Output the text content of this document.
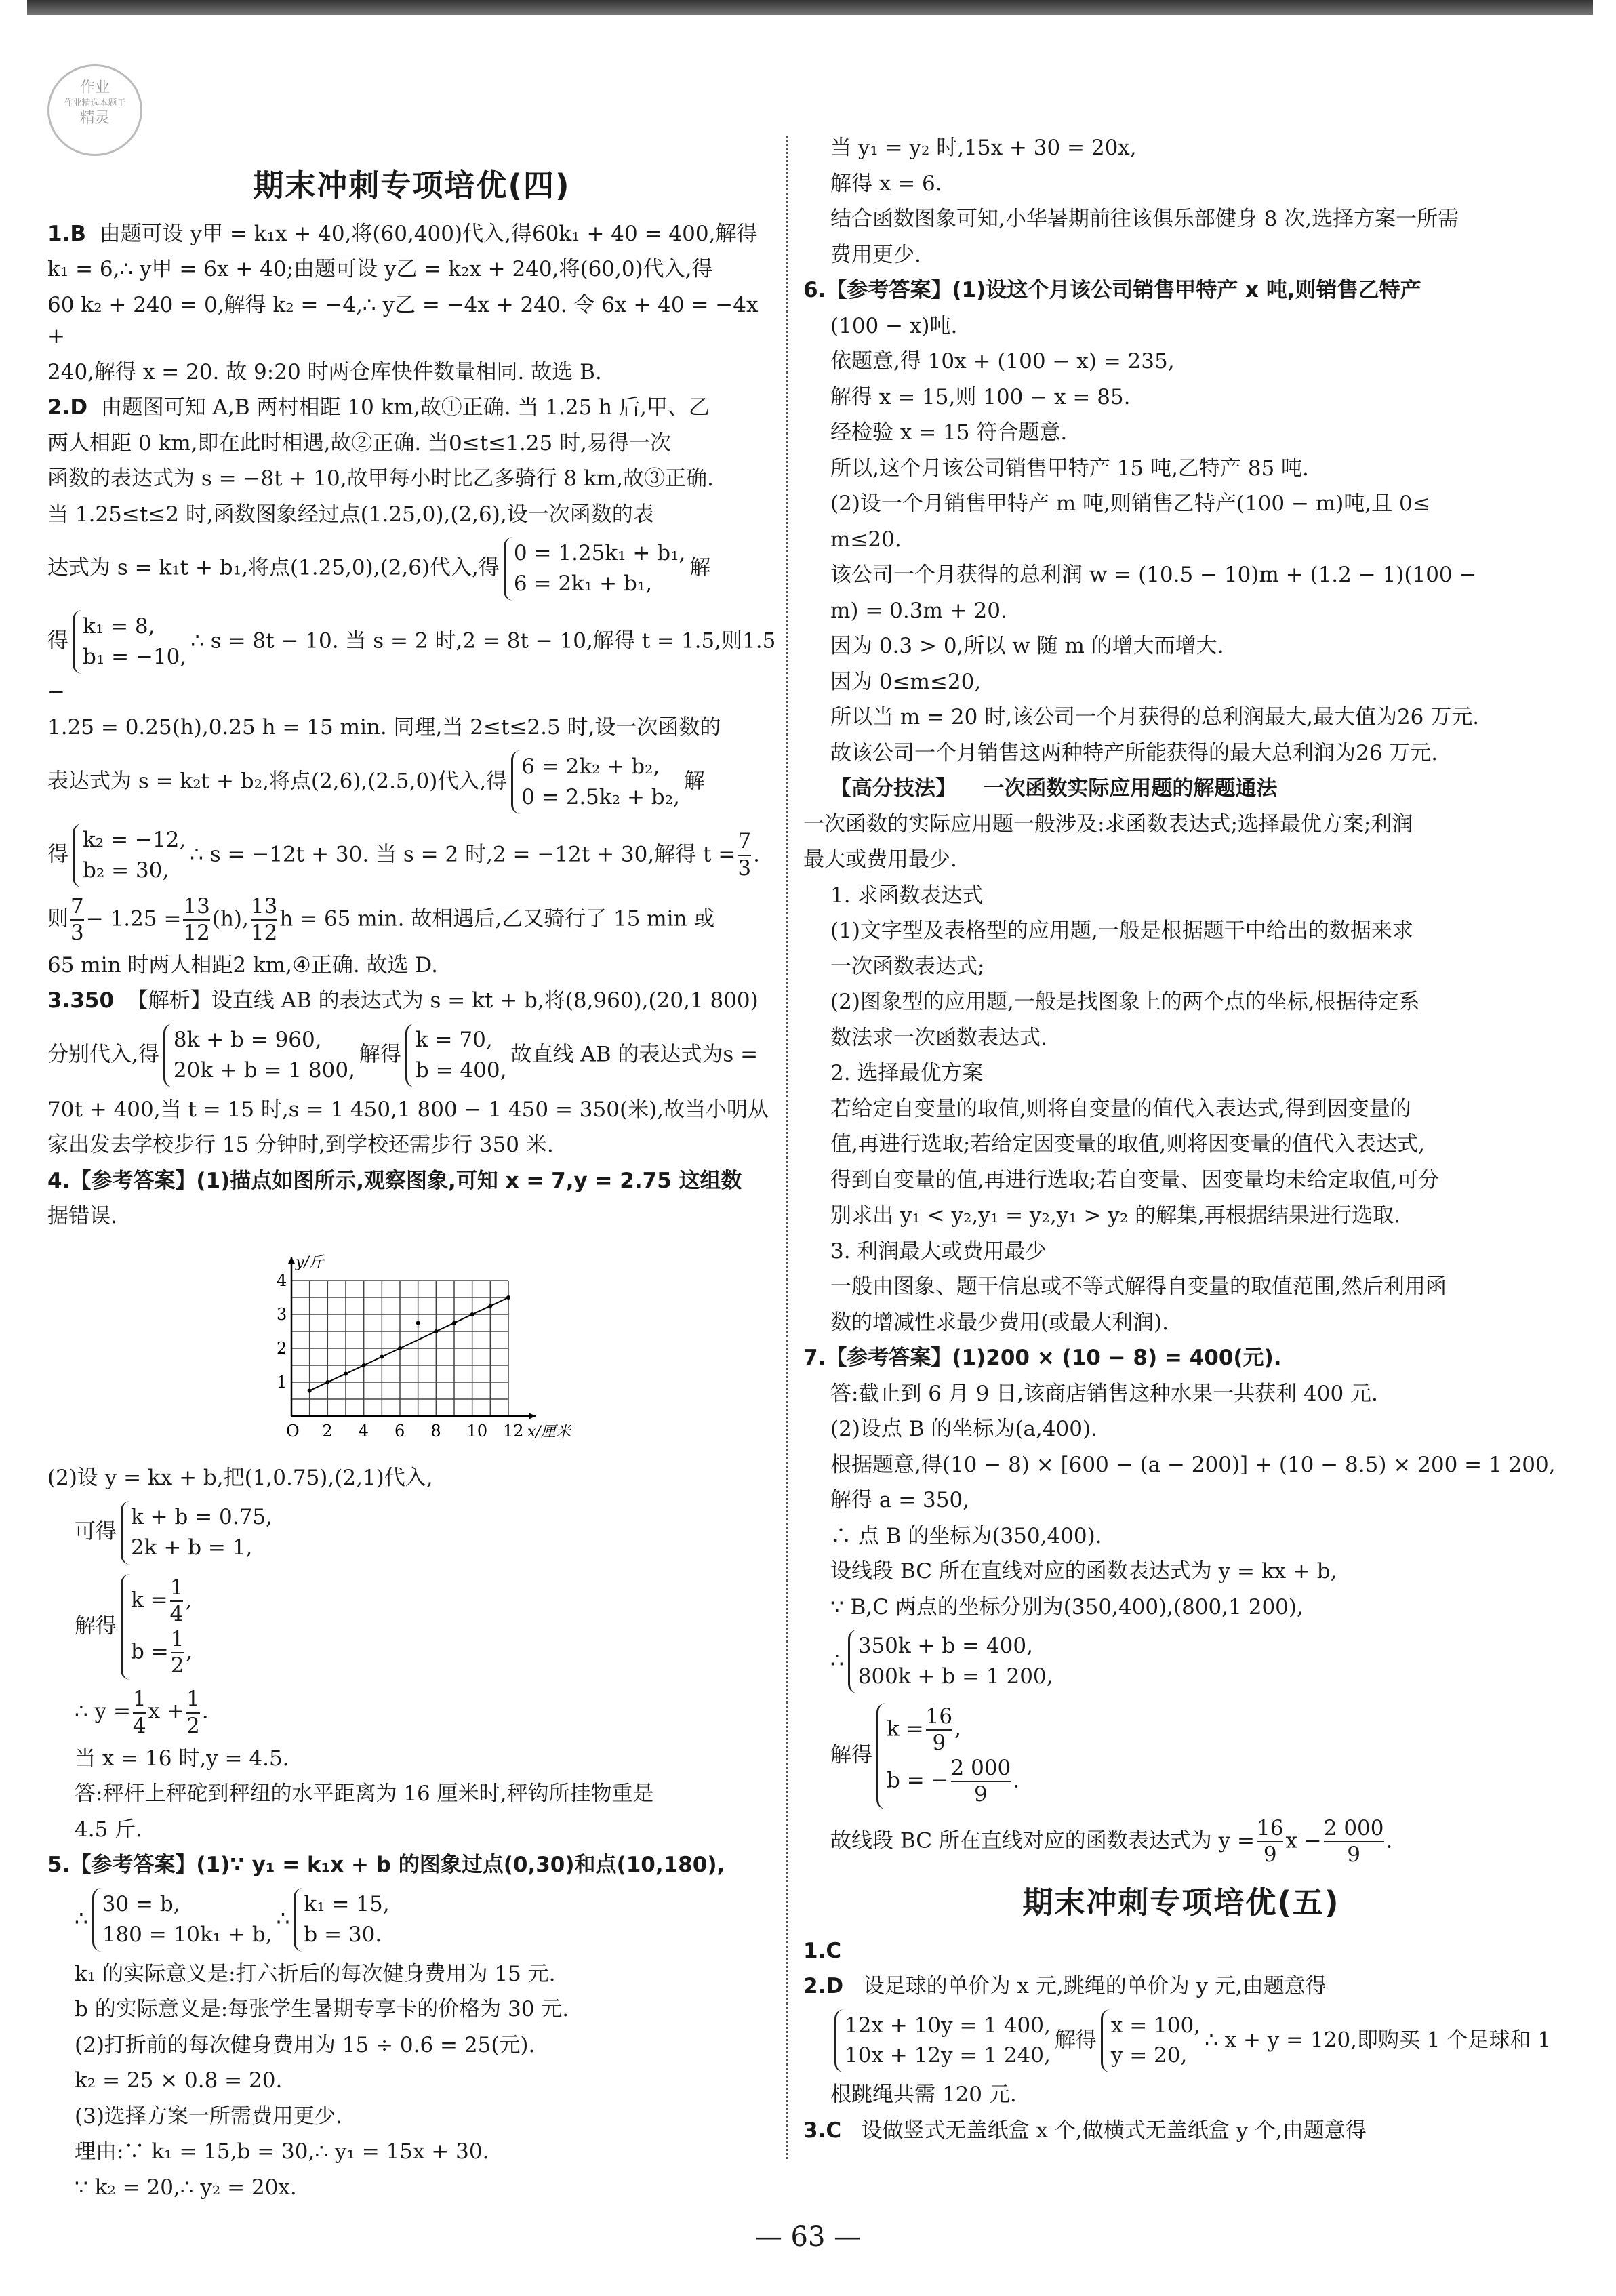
作业
作业精选本题于
精灵
期末冲刺专项培优(四)

1.B 由题可设 y甲 = k₁x + 40,将(60,400)代入,得60k₁ + 40 = 400,解得

k₁ = 6,∴ y甲 = 6x + 40;由题可设 y乙 = k₂x + 240,将(60,0)代入,得

60 k₂ + 240 = 0,解得 k₂ = −4,∴ y乙 = −4x + 240. 令 6x + 40 = −4x +

240,解得 x = 20. 故 9:20 时两仓库快件数量相同. 故选 B.

2.D 由题图可知 A,B 两村相距 10 km,故①正确. 当 1.25 h 后,甲、乙

两人相距 0 km,即在此时相遇,故②正确. 当0≤t≤1.25 时,易得一次

函数的表达式为 s = −8t + 10,故甲每小时比乙多骑行 8 km,故③正确.

当 1.25≤t≤2 时,函数图象经过点(1.25,0),(2,6),设一次函数的表

达式为 s = k₁t + b₁,将点(1.25,0),(2,6)代入,得0 = 1.25k₁ + b₁,
6 = 2k₁ + b₁,解

得k₁ = 8,
b₁ = −10,∴ s = 8t − 10. 当 s = 2 时,2 = 8t − 10,解得 t = 1.5,则1.5 −

1.25 = 0.25(h),0.25 h = 15 min. 同理,当 2≤t≤2.5 时,设一次函数的

表达式为 s = k₂t + b₂,将点(2,6),(2.5,0)代入,得6 = 2k₂ + b₂,
0 = 2.5k₂ + b₂,解

得k₂ = −12,
b₂ = 30,∴ s = −12t + 30. 当 s = 2 时,2 = −12t + 30,解得 $t = \frac{7}{3}$ .

则 $\frac{7}{3} - 1.25 = \frac{13}{12} (h)$, $\frac{13}{12}$ h = 65 min. 故相遇后,乙又骑行了 15 min 或

65 min 时两人相距2 km,④正确. 故选 D.

3.350 【解析】设直线 AB 的表达式为 s = kt + b,将(8,960),(20,1 800)

分别代入,得8k + b = 960,
20k + b = 1 800,解得k = 70,
b = 400,故直线 AB 的表达式为s =

70t + 400,当 t = 15 时,s = 1 450,1 800 − 1 450 = 350(米),故当小明从

家出发去学校步行 15 分钟时,到学校还需步行 350 米.

4.【参考答案】(1)描点如图所示,观察图象,可知 x = 7,y = 2.75 这组数

据错误.

x/厘米
y/斤
O 2 4 6 8 10 12
1
2
3
4

(2)设 y = kx + b,把(1,0.75),(2,1)代入,

可得k + b = 0.75,
2k + b = 1,

解得$k = \frac{1}{4}$ ,
$b = \frac{1}{2}$ ,

∴ $y = \frac{1}{4}$ $x + \frac{1}{2}$ .

当 x = 16 时,y = 4.5.

答:秤杆上秤砣到秤纽的水平距离为 16 厘米时,秤钩所挂物重是

4.5 斤.

5.【参考答案】(1)∵ y₁ = k₁x + b 的图象过点(0,30)和点(10,180),

∴30 = b,
180 = 10k₁ + b,∴k₁ = 15,
b = 30.

k₁ 的实际意义是:打六折后的每次健身费用为 15 元.

b 的实际意义是:每张学生暑期专享卡的价格为 30 元.

(2)打折前的每次健身费用为 15 ÷ 0.6 = 25(元).

k₂ = 25 × 0.8 = 20.

(3)选择方案一所需费用更少.

理由:∵ k₁ = 15,b = 30,∴ y₁ = 15x + 30.

∵ k₂ = 20,∴ y₂ = 20x.

当 y₁ = y₂ 时,15x + 30 = 20x,

解得 x = 6.

结合函数图象可知,小华暑期前往该俱乐部健身 8 次,选择方案一所需

费用更少.

6.【参考答案】(1)设这个月该公司销售甲特产 x 吨,则销售乙特产

(100 − x)吨.

依题意,得 10x + (100 − x) = 235,

解得 x = 15,则 100 − x = 85.

经检验 x = 15 符合题意.

所以,这个月该公司销售甲特产 15 吨,乙特产 85 吨.

(2)设一个月销售甲特产 m 吨,则销售乙特产(100 − m)吨,且 0≤

m≤20.

该公司一个月获得的总利润 w = (10.5 − 10)m + (1.2 − 1)(100 −

m) = 0.3m + 20.

因为 0.3 > 0,所以 w 随 m 的增大而增大.

因为 0≤m≤20,

所以当 m = 20 时,该公司一个月获得的总利润最大,最大值为26 万元.

故该公司一个月销售这两种特产所能获得的最大总利润为26 万元.

【高分技法】 一次函数实际应用题的解题通法

一次函数的实际应用题一般涉及:求函数表达式;选择最优方案;利润

最大或费用最少.

1. 求函数表达式

(1)文字型及表格型的应用题,一般是根据题干中给出的数据来求

一次函数表达式;

(2)图象型的应用题,一般是找图象上的两个点的坐标,根据待定系

数法求一次函数表达式.

2. 选择最优方案

若给定自变量的取值,则将自变量的值代入表达式,得到因变量的

值,再进行选取;若给定因变量的取值,则将因变量的值代入表达式,

得到自变量的值,再进行选取;若自变量、因变量均未给定取值,可分

别求出 y₁ < y₂,y₁ = y₂,y₁ > y₂ 的解集,再根据结果进行选取.

3. 利润最大或费用最少

一般由图象、题干信息或不等式解得自变量的取值范围,然后利用函

数的增减性求最少费用(或最大利润).

7.【参考答案】(1)200 × (10 − 8) = 400(元).

答:截止到 6 月 9 日,该商店销售这种水果一共获利 400 元.

(2)设点 B 的坐标为(a,400).

根据题意,得(10 − 8) × [600 − (a − 200)] + (10 − 8.5) × 200 = 1 200,

解得 a = 350,

∴ 点 B 的坐标为(350,400).

设线段 BC 所在直线对应的函数表达式为 y = kx + b,

∵ B,C 两点的坐标分别为(350,400),(800,1 200),

∴350k + b = 400,
800k + b = 1 200,

解得$k = \frac{16}{9}$ ,
b = − $\frac{2 000}{9}$ .

故线段 BC 所在直线对应的函数表达式为 $y = \frac{16}{9}$ $x - \frac{2 000}{9}$ .

期末冲刺专项培优(五)

1.C

2.D 设足球的单价为 x 元,跳绳的单价为 y 元,由题意得

12x + 10y = 1 400,
10x + 12y = 1 240,解得x = 100,
y = 20,∴ x + y = 120,即购买 1 个足球和 1

根跳绳共需 120 元.

3.C 设做竖式无盖纸盒 x 个,做横式无盖纸盒 y 个,由题意得

— 63 —
